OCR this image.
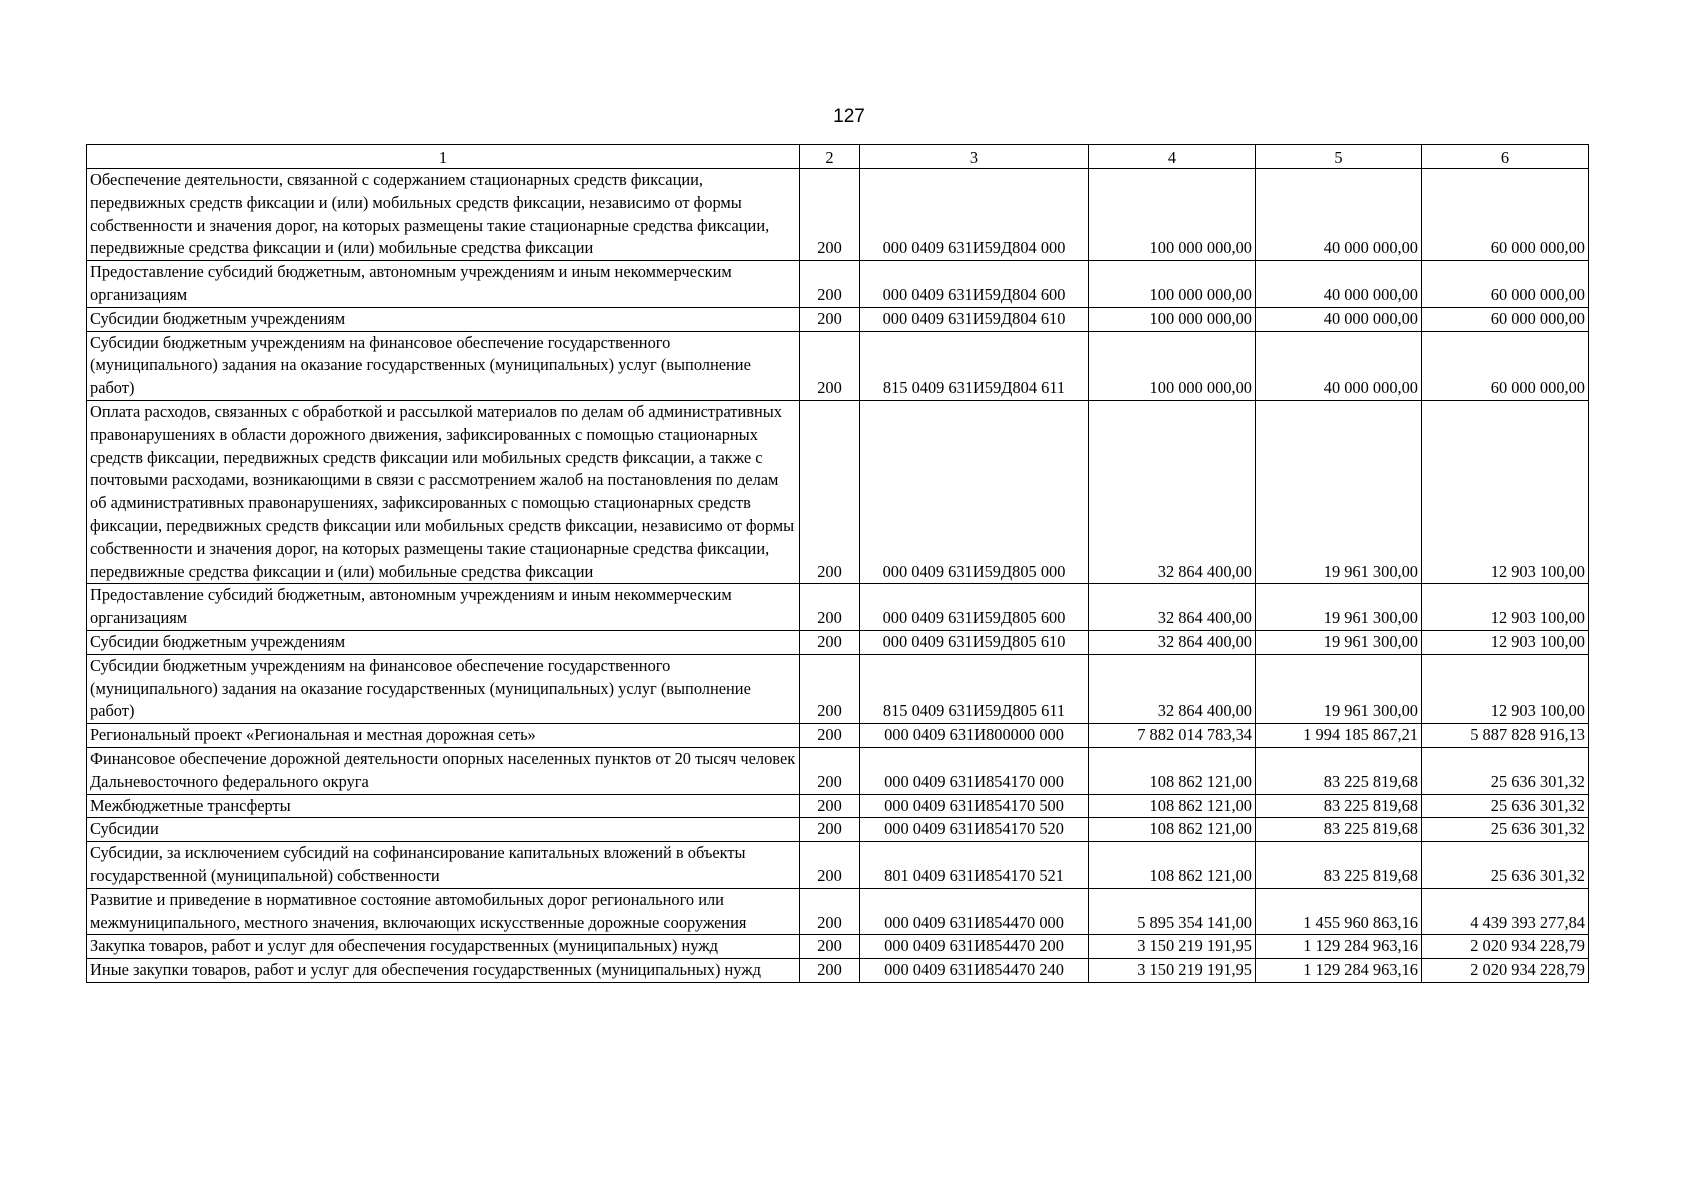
127
1	2	3	4	5	6
Обеспечение деятельности, связанной с содержанием стационарных средств фиксации, передвижных средств фиксации и (или) мобильных средств фиксации, независимо от формы собственности и значения дорог, на которых размещены такие стационарные средства фиксации, передвижные средства фиксации и (или) мобильные средства фиксации	200	000 0409 631И59Д804 000	100 000 000,00	40 000 000,00	60 000 000,00
Предоставление субсидий бюджетным, автономным учреждениям и иным некоммерческим организациям	200	000 0409 631И59Д804 600	100 000 000,00	40 000 000,00	60 000 000,00
Субсидии бюджетным учреждениям	200	000 0409 631И59Д804 610	100 000 000,00	40 000 000,00	60 000 000,00
Субсидии бюджетным учреждениям на финансовое обеспечение государственного (муниципального) задания на оказание государственных (муниципальных) услуг (выполнение работ)	200	815 0409 631И59Д804 611	100 000 000,00	40 000 000,00	60 000 000,00
Оплата расходов, связанных с обработкой и рассылкой материалов по делам об административных правонарушениях в области дорожного движения, зафиксированных с помощью стационарных средств фиксации, передвижных средств фиксации или мобильных средств фиксации, а также с почтовыми расходами, возникающими в связи с рассмотрением жалоб на постановления по делам об административных правонарушениях, зафиксированных с помощью стационарных средств фиксации, передвижных средств фиксации или мобильных средств фиксации, независимо от формы собственности и значения дорог, на которых размещены такие стационарные средства фиксации, передвижные средства фиксации и (или) мобильные средства фиксации	200	000 0409 631И59Д805 000	32 864 400,00	19 961 300,00	12 903 100,00
Предоставление субсидий бюджетным, автономным учреждениям и иным некоммерческим организациям	200	000 0409 631И59Д805 600	32 864 400,00	19 961 300,00	12 903 100,00
Субсидии бюджетным учреждениям	200	000 0409 631И59Д805 610	32 864 400,00	19 961 300,00	12 903 100,00
Субсидии бюджетным учреждениям на финансовое обеспечение государственного (муниципального) задания на оказание государственных (муниципальных) услуг (выполнение работ)	200	815 0409 631И59Д805 611	32 864 400,00	19 961 300,00	12 903 100,00
Региональный проект «Региональная и местная дорожная сеть»	200	000 0409 631И800000 000	7 882 014 783,34	1 994 185 867,21	5 887 828 916,13
Финансовое обеспечение дорожной деятельности опорных населенных пунктов от 20 тысяч человек Дальневосточного федерального округа	200	000 0409 631И854170 000	108 862 121,00	83 225 819,68	25 636 301,32
Межбюджетные трансферты	200	000 0409 631И854170 500	108 862 121,00	83 225 819,68	25 636 301,32
Субсидии	200	000 0409 631И854170 520	108 862 121,00	83 225 819,68	25 636 301,32
Субсидии, за исключением субсидий на софинансирование капитальных вложений в объекты государственной (муниципальной) собственности	200	801 0409 631И854170 521	108 862 121,00	83 225 819,68	25 636 301,32
Развитие и приведение в нормативное состояние автомобильных дорог регионального или межмуниципального, местного значения, включающих искусственные дорожные сооружения	200	000 0409 631И854470 000	5 895 354 141,00	1 455 960 863,16	4 439 393 277,84
Закупка товаров, работ и услуг для обеспечения государственных (муниципальных) нужд	200	000 0409 631И854470 200	3 150 219 191,95	1 129 284 963,16	2 020 934 228,79
Иные закупки товаров, работ и услуг для обеспечения государственных (муниципальных) нужд	200	000 0409 631И854470 240	3 150 219 191,95	1 129 284 963,16	2 020 934 228,79
